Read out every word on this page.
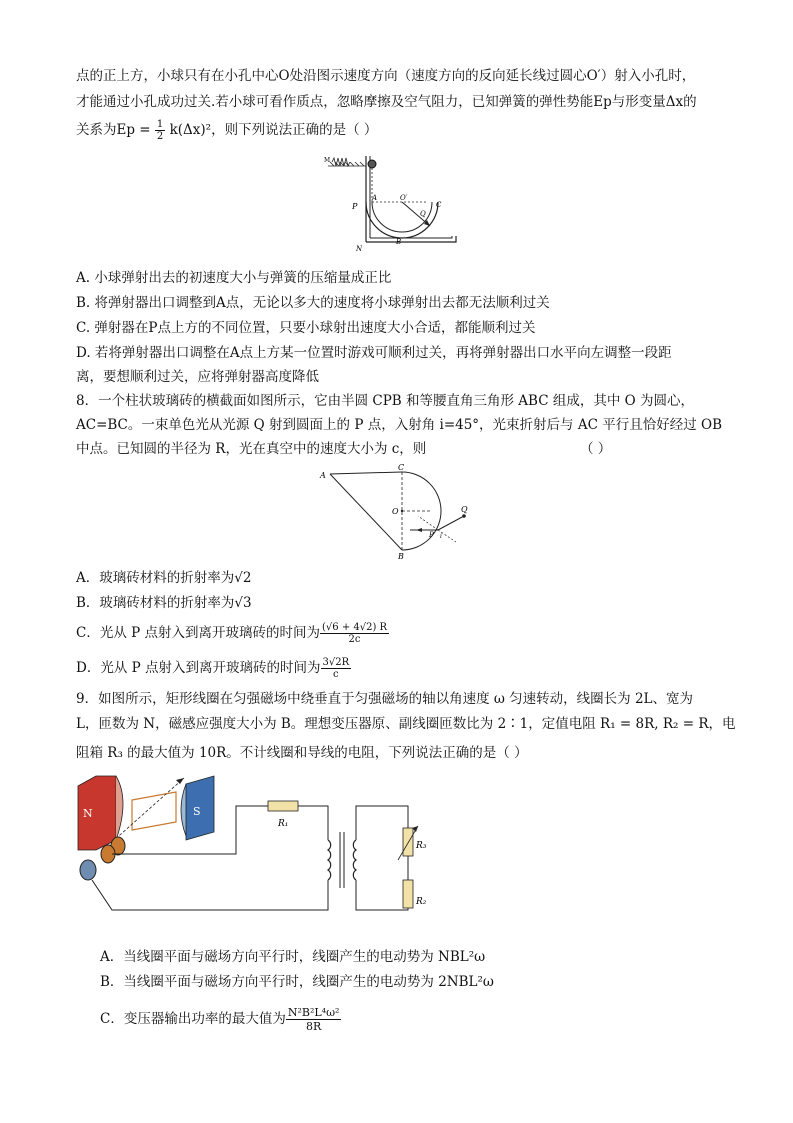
点的正上方，小球只有在小孔中心O处沿图示速度方向（速度方向的反向延长线过圆心O′）射入小孔时，
才能通过小孔成功过关.若小球可看作质点，忽略摩擦及空气阻力，已知弹簧的弹性势能Ep与形变量Δx的
关系为$Ep = \frac{1}{2} k(\Delta x)^2$，则下列说法正确的是（ ）
M
P
N
A	O′
C
Q
B
A. 小球弹射出去的初速度大小与弹簧的压缩量成正比
B. 将弹射器出口调整到A点，无论以多大的速度将小球弹射出去都无法顺利过关
C. 弹射器在P点上方的不同位置，只要小球射出速度大小合适，都能顺利过关
D. 若将弹射器出口调整在A点上方某一位置时游戏可顺利过关，再将弹射器出口水平向左调整一段距
离，要想顺利过关，应将弹射器高度降低
8．一个柱状玻璃砖的横截面如图所示，它由半圆 CPB 和等腰直角三角形 ABC 组成，其中 O 为圆心，
AC=BC。一束单色光从光源 Q 射到圆面上的 P 点，入射角 i=45°，光束折射后与 AC 平行且恰好经过 OB
中点。已知圆的半径为 R，光在真空中的速度大小为 c，则	（ ）
A
C
O
B
P
Q
i
A．玻璃砖材料的折射率为√2
B．玻璃砖材料的折射率为√3
C．光从 P 点射入到离开玻璃砖的时间为 $\frac{(√6 + 4√2) R}{2c}$
D．光从 P 点射入到离开玻璃砖的时间为 $\frac{3√2R}{c}$
9．如图所示，矩形线圈在匀强磁场中绕垂直于匀强磁场的轴以角速度 ω 匀速转动，线圈长为 2L、宽为
L，匝数为 N，磁感应强度大小为 B。理想变压器原、副线圈匝数比为 2∶1，定值电阻 R₁ = 8R, R₂ = R，电
阻箱 R₃ 的最大值为 10R。不计线圈和导线的电阻，下列说法正确的是（ ）
N	S
R₁
R₃
R₂
A．当线圈平面与磁场方向平行时，线圈产生的电动势为 NBL²ω
B．当线圈平面与磁场方向平行时，线圈产生的电动势为 2NBL²ω
C．变压器输出功率的最大值为 $\frac{\text{N²B²L⁴ω²}}{8R}$
